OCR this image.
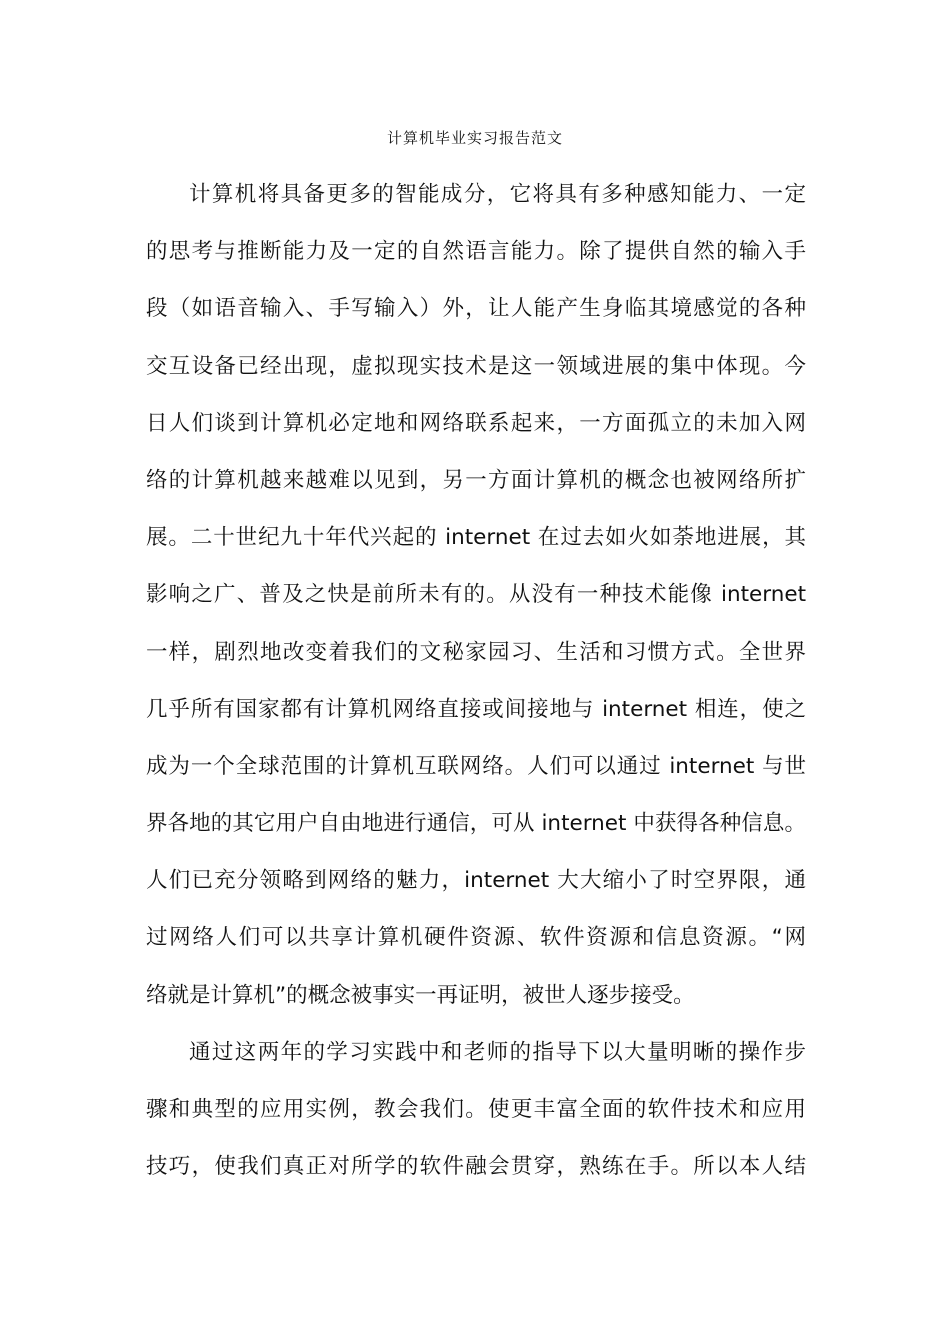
计算机毕业实习报告范文
计算机将具备更多的智能成分，它将具有多种感知能力、一定
的思考与推断能力及一定的自然语言能力。除了提供自然的输入手
段（如语音输入、手写输入）外，让人能产生身临其境感觉的各种
交互设备已经出现，虚拟现实技术是这一领域进展的集中体现。今
日人们谈到计算机必定地和网络联系起来，一方面孤立的未加入网
络的计算机越来越难以见到，另一方面计算机的概念也被网络所扩
展。二十世纪九十年代兴起的 internet 在过去如火如荼地进展，其
影响之广、普及之快是前所未有的。从没有一种技术能像 internet
一样，剧烈地改变着我们的文秘家园习、生活和习惯方式。全世界
几乎所有国家都有计算机网络直接或间接地与 internet 相连，使之
成为一个全球范围的计算机互联网络。人们可以通过 internet 与世
界各地的其它用户自由地进行通信，可从 internet 中获得各种信息。
人们已充分领略到网络的魅力，internet 大大缩小了时空界限，通
过网络人们可以共享计算机硬件资源、软件资源和信息资源。“网
络就是计算机”的概念被事实一再证明，被世人逐步接受。
通过这两年的学习实践中和老师的指导下以大量明晰的操作步
骤和典型的应用实例，教会我们。使更丰富全面的软件技术和应用
技巧，使我们真正对所学的软件融会贯穿，熟练在手。所以本人结
